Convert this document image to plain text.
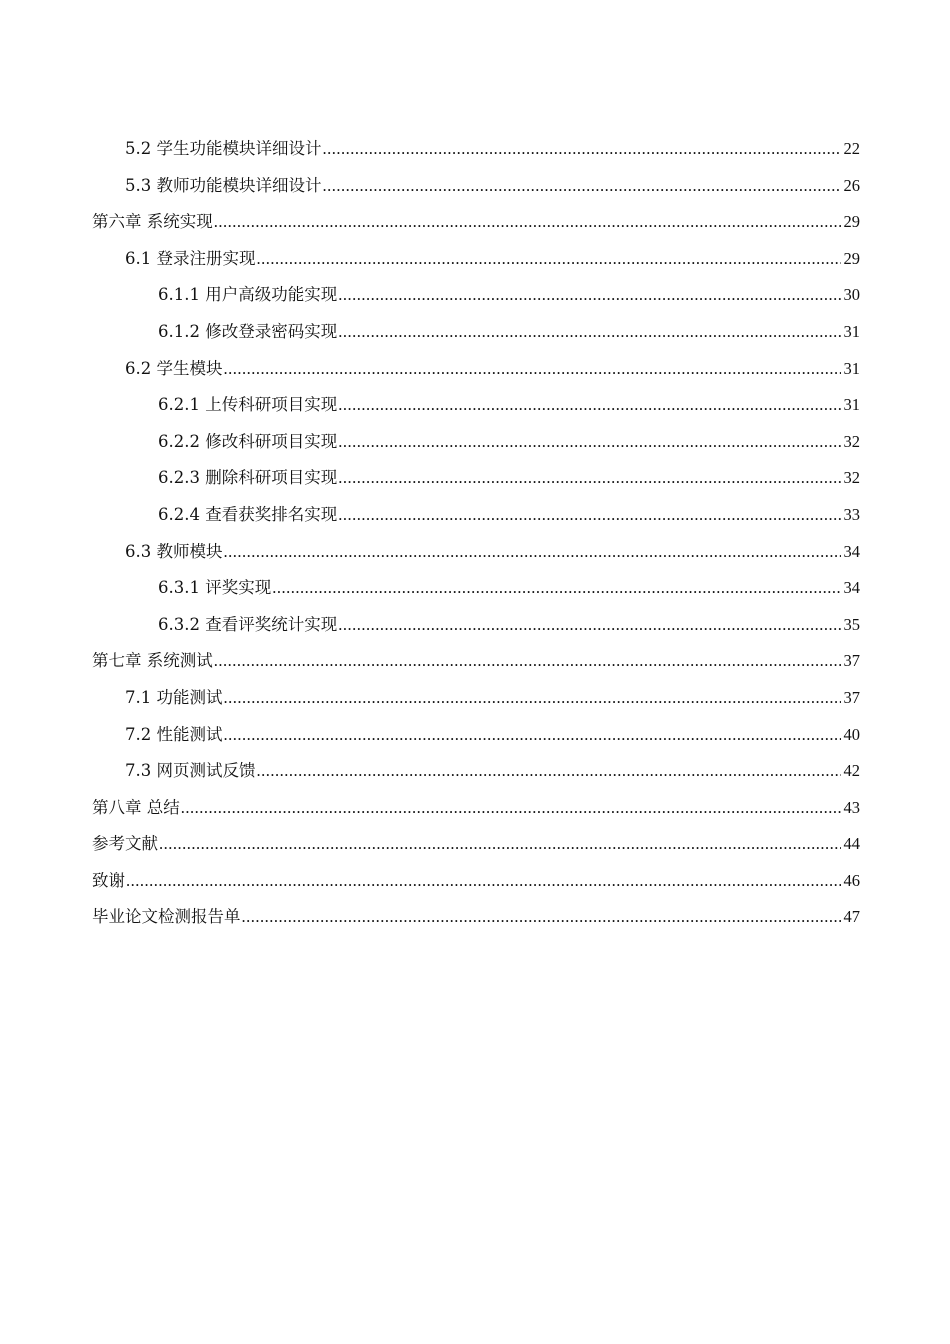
5.2 学生功能模块详细设计 .....	22
5.3 教师功能模块详细设计 .....	26
第六章 系统实现 .....	29
6.1 登录注册实现 .....	29
6.1.1 用户高级功能实现 .....	30
6.1.2 修改登录密码实现 .....	31
6.2 学生模块 .....	31
6.2.1 上传科研项目实现 .....	31
6.2.2 修改科研项目实现 .....	32
6.2.3 删除科研项目实现 .....	32
6.2.4 查看获奖排名实现 .....	33
6.3 教师模块 .....	34
6.3.1 评奖实现 .....	34
6.3.2 查看评奖统计实现 .....	35
第七章 系统测试 .....	37
7.1 功能测试 .....	37
7.2 性能测试 .....	40
7.3 网页测试反馈 .....	42
第八章 总结 .....	43
参考文献 .....	44
致谢 .....	46
毕业论文检测报告单 .....	47
